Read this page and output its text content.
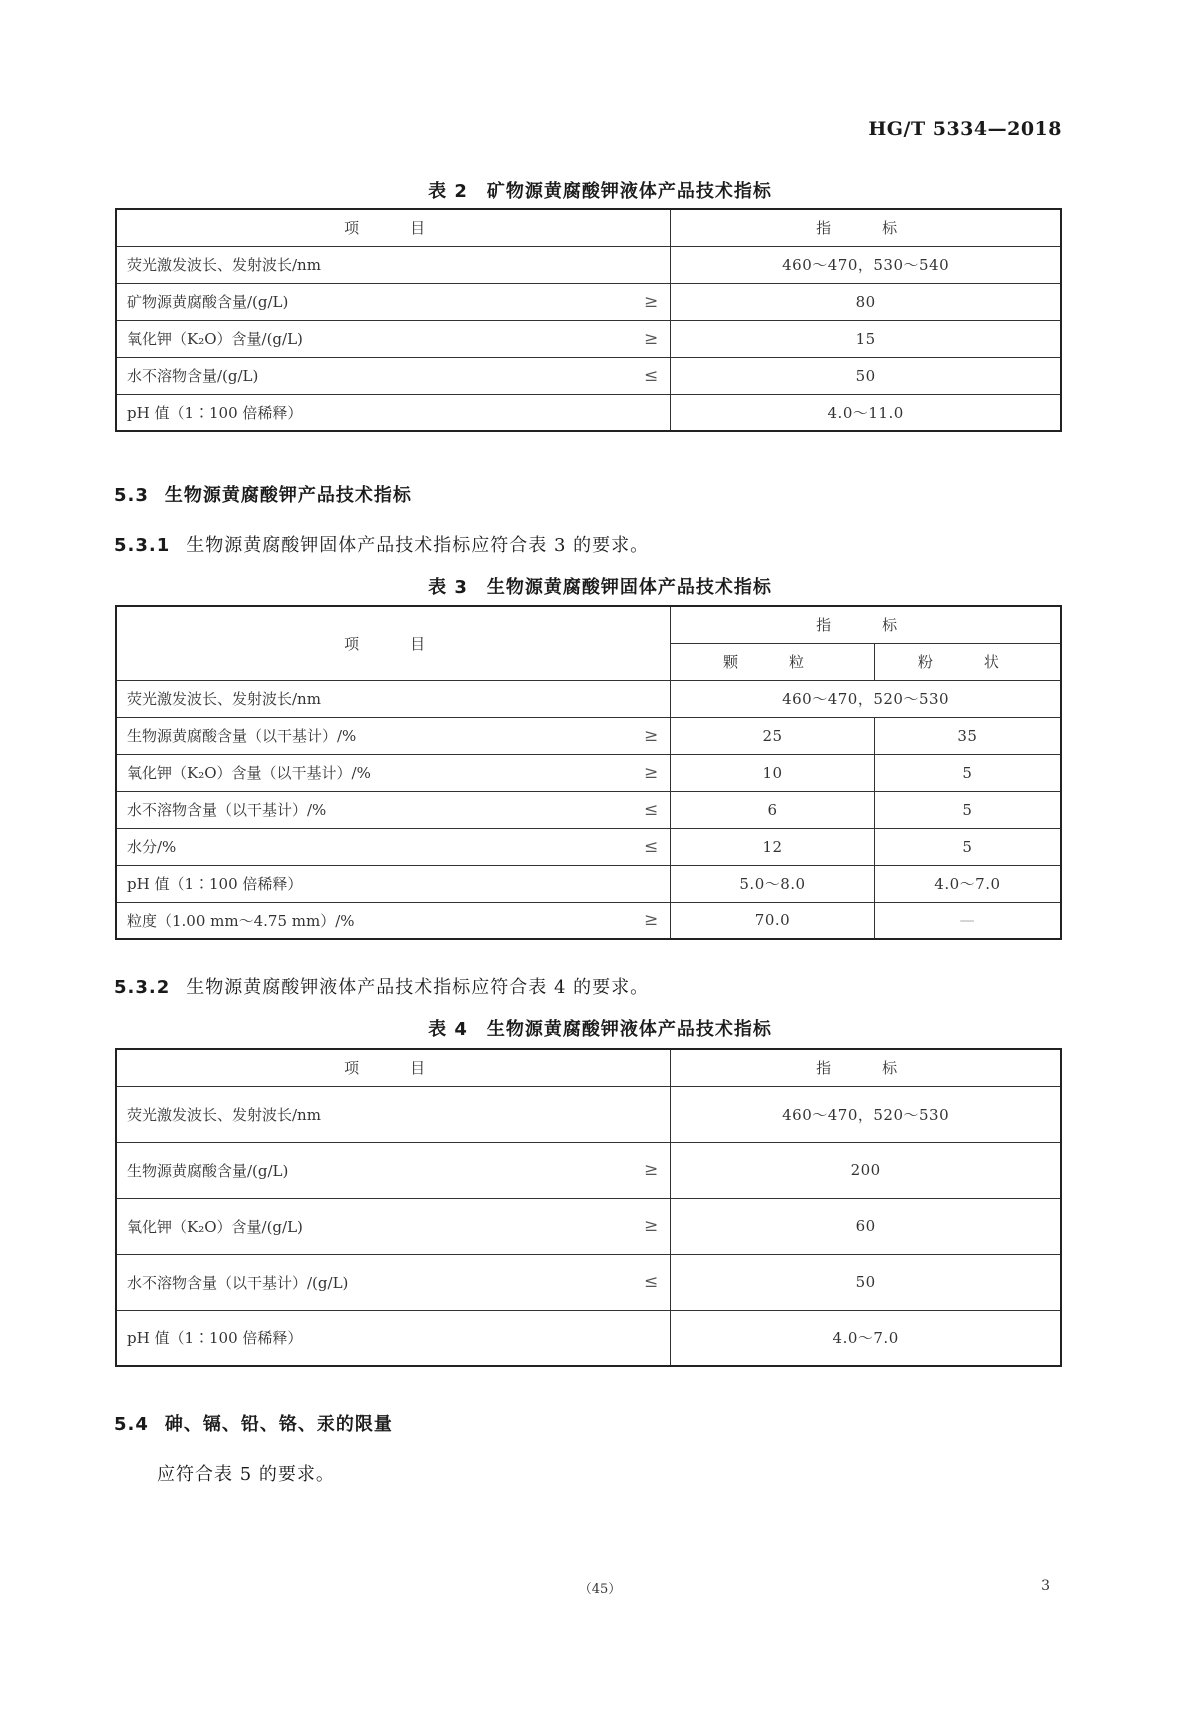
HG/T 5334—2018
表 2　矿物源黄腐酸钾液体产品技术指标
项　目	指　标
荧光激发波长、发射波长/nm	460～470，530～540
矿物源黄腐酸含量/(g/L) ≥	80
氧化钾（K₂O）含量/(g/L) ≥	15
水不溶物含量/(g/L) ≤	50
pH 值（1∶100 倍稀释）	4.0～11.0
5.3 生物源黄腐酸钾产品技术指标
5.3.1 生物源黄腐酸钾固体产品技术指标应符合表 3 的要求。
表 3　生物源黄腐酸钾固体产品技术指标
项　目	指　标	
	颗　粒	粉　状
荧光激发波长、发射波长/nm	460～470，520～530	
生物源黄腐酸含量（以干基计）/% ≥	25	35
氧化钾（K₂O）含量（以干基计）/% ≥	10	5
水不溶物含量（以干基计）/% ≤	6	5
水分/% ≤	12	5
pH 值（1∶100 倍稀释）	5.0～8.0	4.0～7.0
粒度（1.00 mm～4.75 mm）/% ≥	70.0	—
5.3.2 生物源黄腐酸钾液体产品技术指标应符合表 4 的要求。
表 4　生物源黄腐酸钾液体产品技术指标
项　目	指　标
荧光激发波长、发射波长/nm	460～470，520～530
生物源黄腐酸含量/(g/L) ≥	200
氧化钾（K₂O）含量/(g/L) ≥	60
水不溶物含量（以干基计）/(g/L) ≤	50
pH 值（1∶100 倍稀释）	4.0～7.0
5.4 砷、镉、铅、铬、汞的限量
应符合表 5 的要求。
（45）	3
